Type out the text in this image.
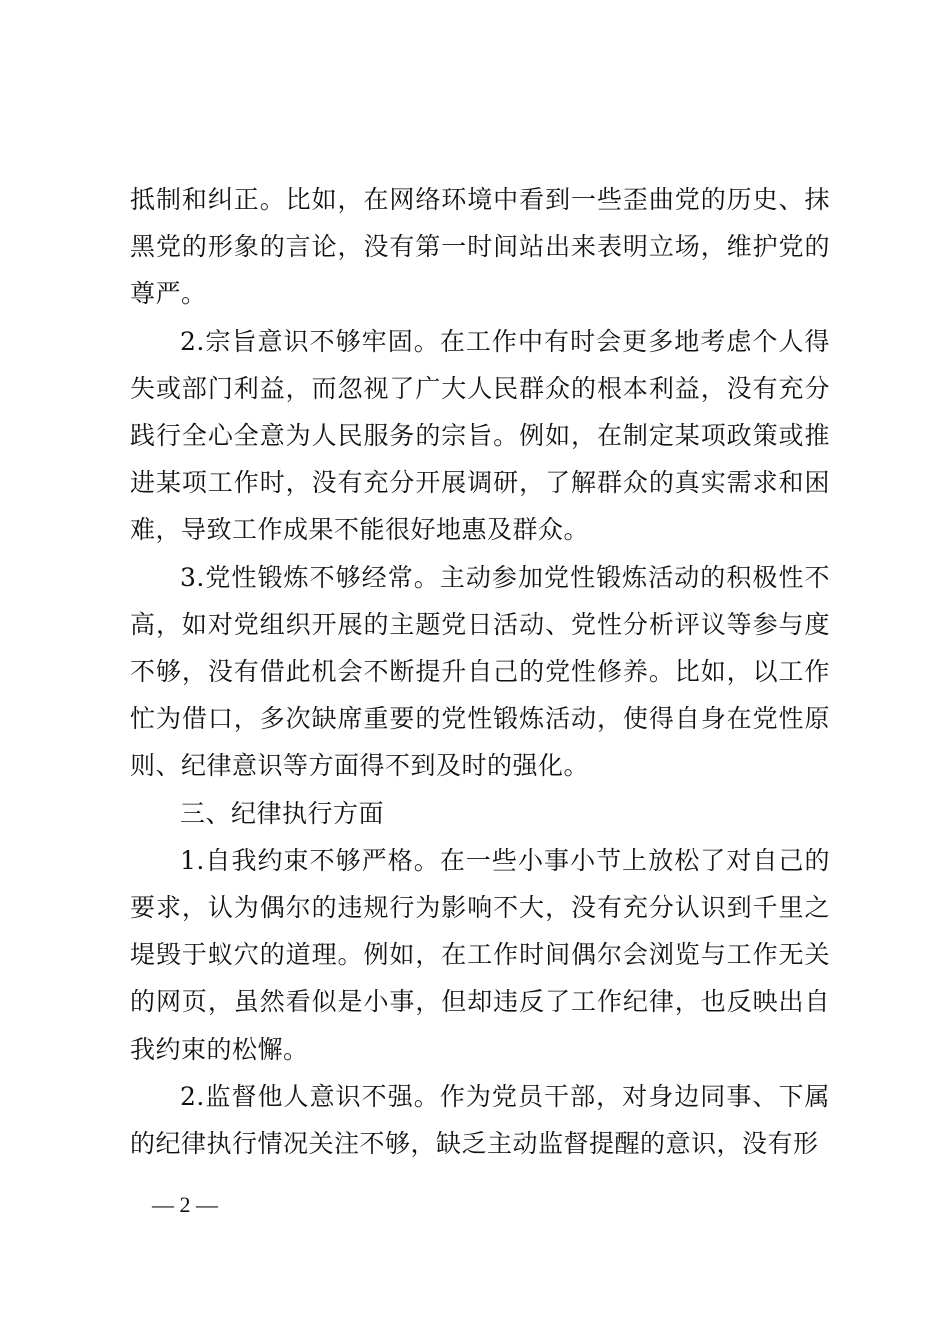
抵制和纠正。比如，在网络环境中看到一些歪曲党的历史、抹黑党的形象的言论，没有第一时间站出来表明立场，维护党的尊严。

2.宗旨意识不够牢固。在工作中有时会更多地考虑个人得失或部门利益，而忽视了广大人民群众的根本利益，没有充分践行全心全意为人民服务的宗旨。例如，在制定某项政策或推进某项工作时，没有充分开展调研，了解群众的真实需求和困难，导致工作成果不能很好地惠及群众。

3.党性锻炼不够经常。主动参加党性锻炼活动的积极性不高，如对党组织开展的主题党日活动、党性分析评议等参与度不够，没有借此机会不断提升自己的党性修养。比如，以工作忙为借口，多次缺席重要的党性锻炼活动，使得自身在党性原则、纪律意识等方面得不到及时的强化。

三、纪律执行方面

1.自我约束不够严格。在一些小事小节上放松了对自己的要求，认为偶尔的违规行为影响不大，没有充分认识到千里之堤毁于蚁穴的道理。例如，在工作时间偶尔会浏览与工作无关的网页，虽然看似是小事，但却违反了工作纪律，也反映出自我约束的松懈。

2.监督他人意识不强。作为党员干部，对身边同事、下属的纪律执行情况关注不够，缺乏主动监督提醒的意识，没有形

— 2 —
